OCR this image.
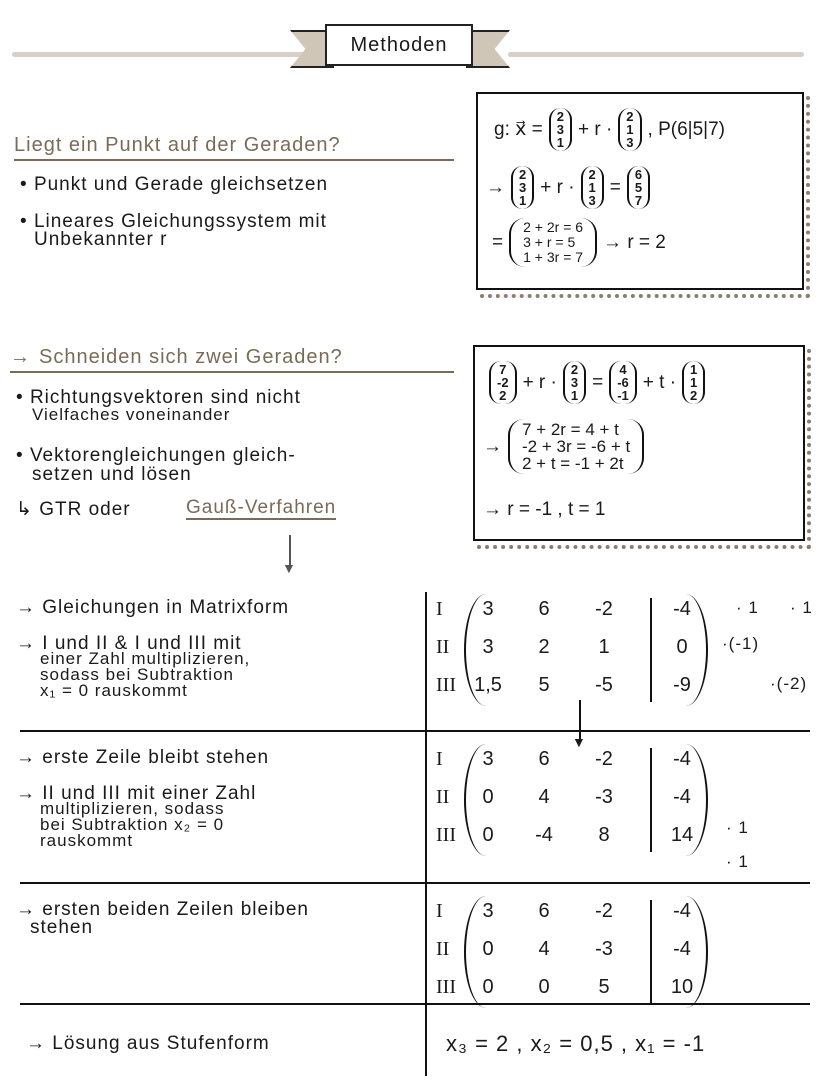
Methoden
Liegt ein Punkt auf der Geraden?
• Punkt und Gerade gleichsetzen
• Lineares Gleichungssystem mit
Unbekannter r
g: x⃗ =
2
3
1
+ r ·
2
1
3
, P(6|5|7)
→
2
3
1
+ r ·
2
1
3
=
6
5
7
=
2 + 2r = 6
3 + r = 5
1 + 3r = 7
→ r = 2
→ Schneiden sich zwei Geraden?
• Richtungsvektoren sind nicht
Vielfaches voneinander
• Vektorengleichungen gleich-
setzen und lösen
↳ GTR oder	Gauß-Verfahren
▼
7
-2
2
+ r ·
2
3
1
=
4
-6
-1
+ t ·
1
1
2
→
7 + 2r = 4 + t
-2 + 3r = -6 + t
2 + t = -1 + 2t
→ r = -1 , t = 1
→ Gleichungen in Matrixform
→ I und II & I und III mit
einer Zahl multiplizieren,
sodass bei Subtraktion
x₁ = 0 rauskommt
I	3	6	-2	-4
II	3	2	1	0
III 1,5	5	-5	-9
· 1 · 1
·(-1)
·(-2)
→ erste Zeile bleibt stehen
→ II und III mit einer Zahl
multiplizieren, sodass
bei Subtraktion x₂ = 0
rauskommt
I	3	6	-2	-4
II	0	4	-3	-4
III	0	-4	8	14	· 1
· 1
→ ersten beiden Zeilen bleiben
stehen
I	3	6	-2	-4
II	0	4	-3	-4
III	0	0	5	10
▼
→ Lösung aus Stufenform	x₃ = 2 , x₂ = 0,5 , x₁ = -1
